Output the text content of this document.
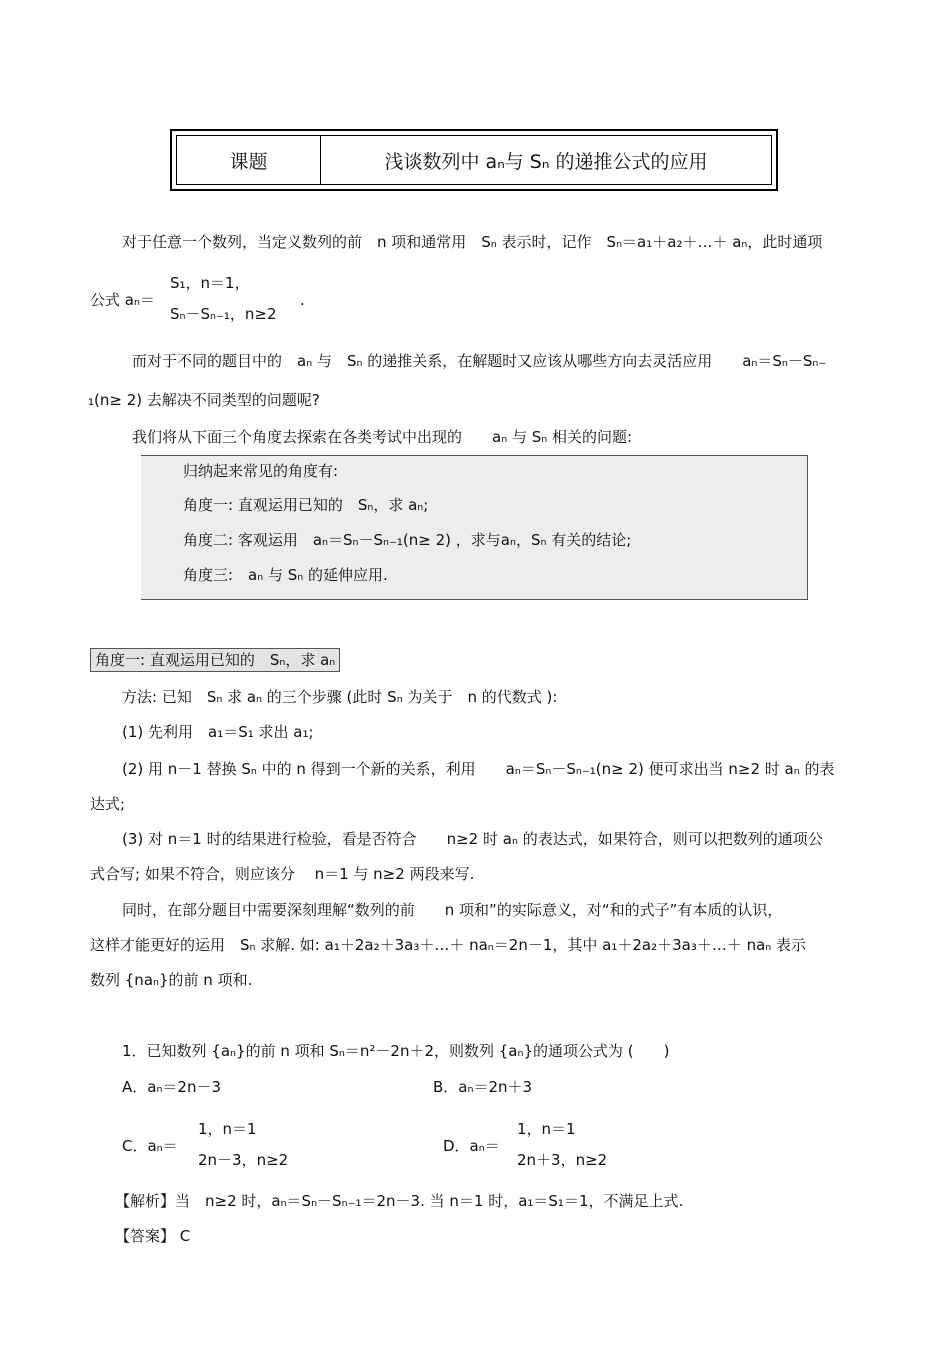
课题	浅谈数列中 aₙ与 Sₙ 的递推公式的应用
对于任意一个数列，当定义数列的前　n 项和通常用　Sₙ 表示时，记作　Sₙ＝a₁＋a₂＋…＋ aₙ，此时通项
公式 aₙ＝
S₁，n＝1，
Sₙ－Sₙ₋₁，n≥2
.
而对于不同的题目中的　aₙ 与　Sₙ 的递推关系，在解题时又应该从哪些方向去灵活应用　　aₙ＝Sₙ－Sₙ₋
₁(n≥ 2) 去解决不同类型的问题呢?
我们将从下面三个角度去探索在各类考试中出现的　　aₙ 与 Sₙ 相关的问题:
归纳起来常见的角度有:
角度一: 直观运用已知的　Sₙ，求 aₙ;
角度二: 客观运用　aₙ＝Sₙ－Sₙ₋₁(n≥ 2) ，求与aₙ，Sₙ 有关的结论;
角度三:　aₙ 与 Sₙ 的延伸应用.
角度一: 直观运用已知的　Sₙ，求 aₙ
方法: 已知　Sₙ 求 aₙ 的三个步骤 (此时 Sₙ 为关于　n 的代数式 ):
(1) 先利用　a₁＝S₁ 求出 a₁;
(2) 用 n－1 替换 Sₙ 中的 n 得到一个新的关系，利用　　aₙ＝Sₙ－Sₙ₋₁(n≥ 2) 便可求出当 n≥2 时 aₙ 的表
达式;
(3) 对 n＝1 时的结果进行检验，看是否符合　　n≥2 时 aₙ 的表达式，如果符合，则可以把数列的通项公
式合写; 如果不符合，则应该分　 n＝1 与 n≥2 两段来写.
同时，在部分题目中需要深刻理解“数列的前　　n 项和”的实际意义，对“和的式子”有本质的认识，
这样才能更好的运用　Sₙ 求解. 如: a₁＋2a₂＋3a₃＋…＋ naₙ＝2n－1，其中 a₁＋2a₂＋3a₃＋…＋ naₙ 表示
数列 {naₙ}的前 n 项和.
1．已知数列 {aₙ}的前 n 项和 Sₙ＝n²－2n＋2，则数列 {aₙ}的通项公式为 (　　)
A．aₙ＝2n－3	B．aₙ＝2n＋3
C．aₙ＝
1，n＝1
2n－3，n≥2
D．aₙ＝
1，n＝1
2n＋3，n≥2
【解析】当　n≥2 时，aₙ＝Sₙ－Sₙ₋₁＝2n－3. 当 n＝1 时，a₁＝S₁＝1，不满足上式.
【答案】 C
